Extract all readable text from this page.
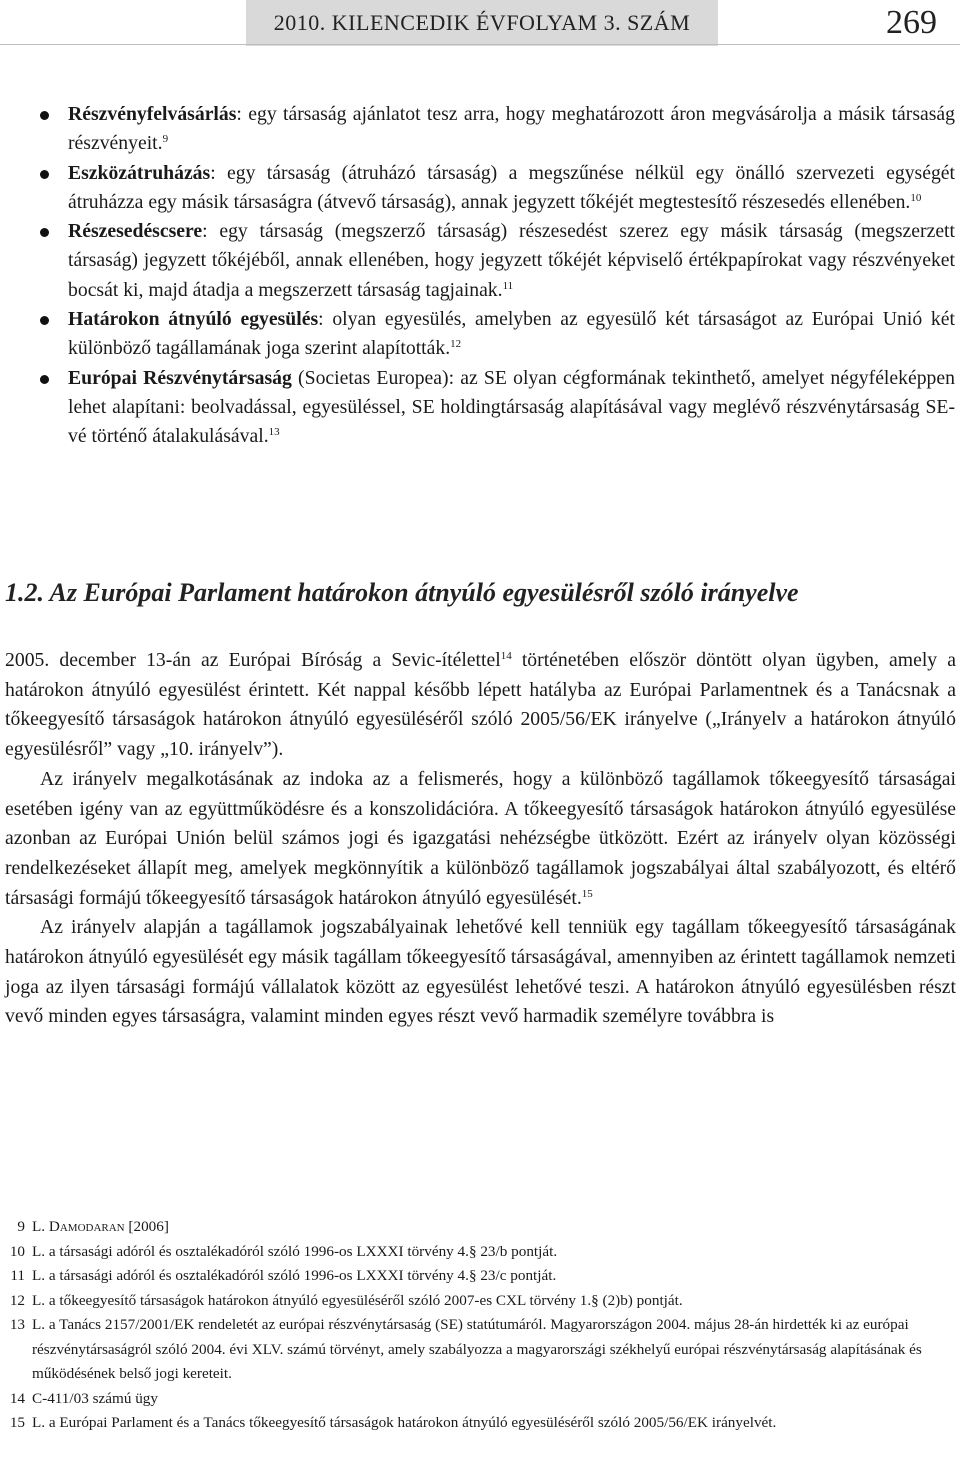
2010. KILENCEDIK ÉVFOLYAM 3. SZÁM	269
Részvényfelvásárlás: egy társaság ajánlatot tesz arra, hogy meghatározott áron megvásárolja a másik társaság részvényeit.$^9$
Eszközátruházás: egy társaság (átruházó társaság) a megszűnése nélkül egy önálló szervezeti egységét átruházza egy másik társaságra (átvevő társaság), annak jegyzett tőkéjét megtestesítő részesedés ellenében.$^{10}$
Részesedéscsere: egy társaság (megszerző társaság) részesedést szerez egy másik társaság (megszerzett társaság) jegyzett tőkéjéből, annak ellenében, hogy jegyzett tőkéjét képviselő értékpapírokat vagy részvényeket bocsát ki, majd átadja a megszerzett társaság tagjainak.$^{11}$
Határokon átnyúló egyesülés: olyan egyesülés, amelyben az egyesülő két társaságot az Európai Unió két különböző tagállamának joga szerint alapították.$^{12}$
Európai Részvénytársaság (Societas Europea): az SE olyan cégformának tekinthető, amelyet négyféleképpen lehet alapítani: beolvadással, egyesüléssel, SE holdingtársaság alapításával vagy meglévő részvénytársaság SE-vé történő átalakulásával.$^{13}$
1.2. Az Európai Parlament határokon átnyúló egyesülésről szóló irányelve

2005. december 13-án az Európai Bíróság a Sevic-ítélettel$^{14}$ történetében először döntött olyan ügyben, amely a határokon átnyúló egyesülést érintett. Két nappal később lépett hatályba az Európai Parlamentnek és a Tanácsnak a tőkeegyesítő társaságok határokon átnyúló egyesüléséről szóló 2005/56/EK irányelve („Irányelv a határokon átnyúló egyesülésről” vagy „10. irányelv”).

Az irányelv megalkotásának az indoka az a felismerés, hogy a különböző tagállamok tőkeegyesítő társaságai esetében igény van az együttműködésre és a konszolidációra. A tőkeegyesítő társaságok határokon átnyúló egyesülése azonban az Európai Unión belül számos jogi és igazgatási nehézségbe ütközött. Ezért az irányelv olyan közösségi rendelkezéseket állapít meg, amelyek megkönnyítik a különböző tagállamok jogszabályai által szabályozott, és eltérő társasági formájú tőkeegyesítő társaságok határokon átnyúló egyesülését.$^{15}$

Az irányelv alapján a tagállamok jogszabályainak lehetővé kell tenniük egy tagállam tőkeegyesítő társaságának határokon átnyúló egyesülését egy másik tagállam tőkeegyesítő társaságával, amennyiben az érintett tagállamok nemzeti joga az ilyen társasági formájú vállalatok között az egyesülést lehetővé teszi. A határokon átnyúló egyesülésben részt vevő minden egyes társaságra, valamint minden egyes részt vevő harmadik személyre továbbra is

9 L. Damodaran [2006]
10 L. a társasági adóról és osztalékadóról szóló 1996-os LXXXI törvény 4.§ 23/b pontját.
11 L. a társasági adóról és osztalékadóról szóló 1996-os LXXXI törvény 4.§ 23/c pontját.
12 L. a tőkeegyesítő társaságok határokon átnyúló egyesüléséről szóló 2007-es CXL törvény 1.§ (2)b) pontját.
13 L. a Tanács 2157/2001/EK rendeletét az európai részvénytársaság (SE) statútumáról. Magyarországon 2004. május 28-án hirdették ki az európai részvénytársaságról szóló 2004. évi XLV. számú törvényt, amely szabályozza a magyarországi székhelyű európai részvénytársaság alapításának és működésének belső jogi kereteit.
14 C-411/03 számú ügy
15 L. a Európai Parlament és a Tanács tőkeegyesítő társaságok határokon átnyúló egyesüléséről szóló 2005/56/EK irányelvét.
